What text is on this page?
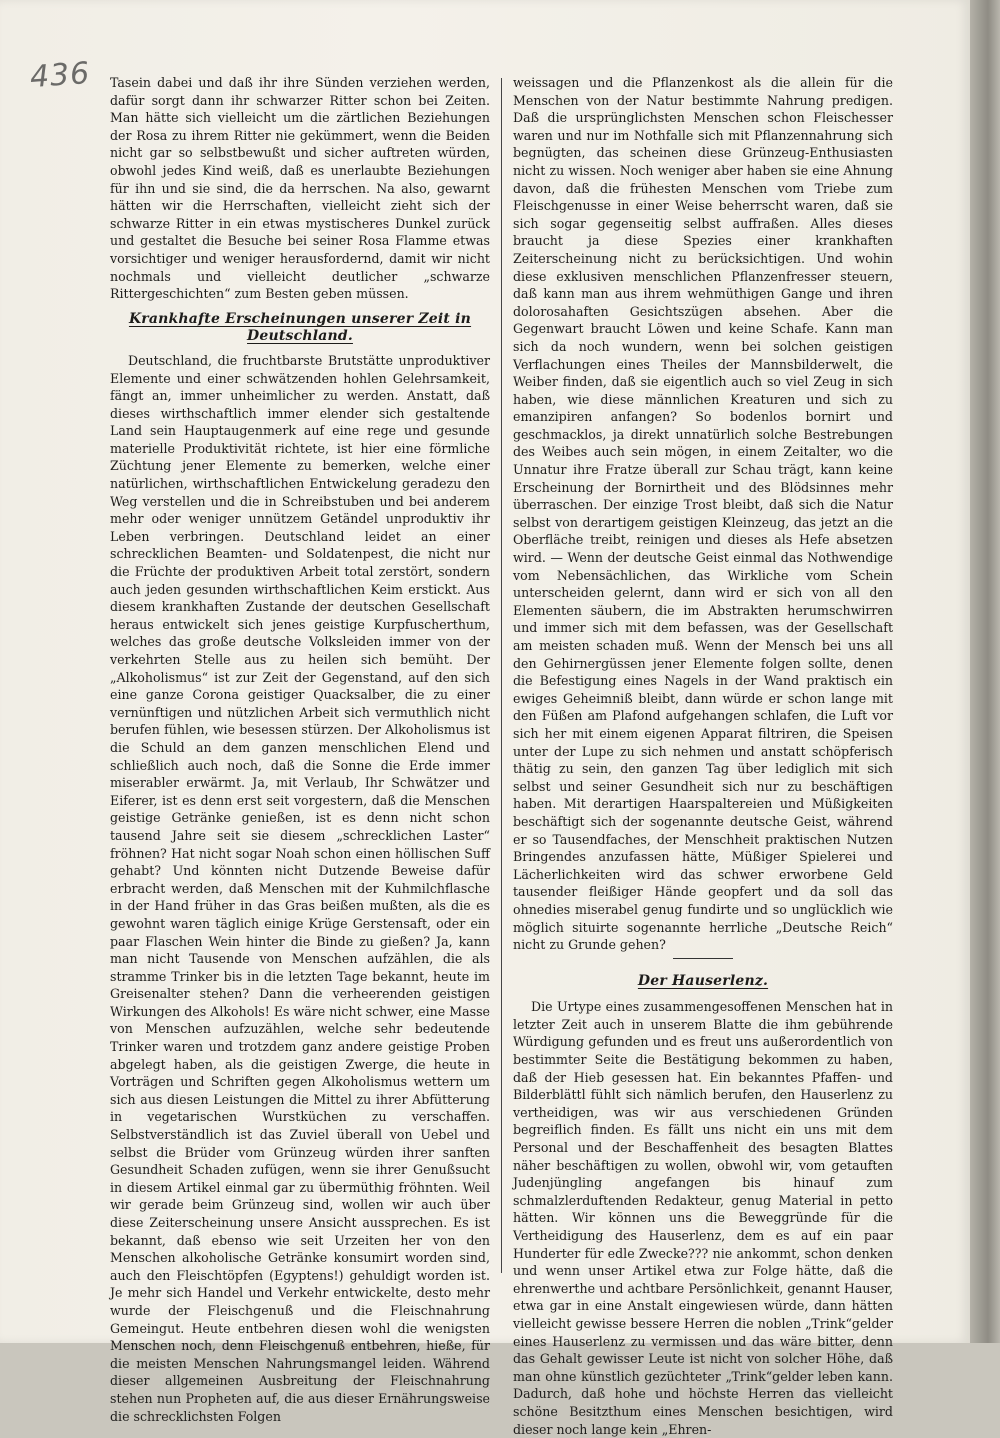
436 Tasein dabei und daß ihr ihre Sünden verziehen werden, dafür sorgt dann ihr schwarzer Ritter schon bei Zeiten. Man hätte sich vielleicht um die zärtlichen Beziehungen der Rosa zu ihrem Ritter nie gekümmert, wenn die Beiden nicht gar so selbstbewußt und sicher auftreten würden, obwohl jedes Kind weiß, daß es unerlaubte Beziehungen für ihn und sie sind, die da herrschen. Na also, gewarnt hätten wir die Herrschaften, vielleicht zieht sich der schwarze Ritter in ein etwas mystischeres Dunkel zurück und gestaltet die Besuche bei seiner Rosa Flamme etwas vorsichtiger und weniger herausfordernd, damit wir nicht nochmals und vielleicht deutlicher „schwarze Rittergeschichten“ zum Besten geben müssen.

Krankhafte Erscheinungen unserer Zeit in Deutschland.

Deutschland, die fruchtbarste Brutstätte unproduktiver Elemente und einer schwätzenden hohlen Gelehrsamkeit, fängt an, immer unheimlicher zu werden. Anstatt, daß dieses wirthschaftlich immer elender sich gestaltende Land sein Hauptaugenmerk auf eine rege und gesunde materielle Produktivität richtete, ist hier eine förmliche Züchtung jener Elemente zu bemerken, welche einer natürlichen, wirthschaftlichen Entwickelung geradezu den Weg verstellen und die in Schreibstuben und bei anderem mehr oder weniger unnützem Getändel unproduktiv ihr Leben verbringen. Deutschland leidet an einer schrecklichen Beamten- und Soldatenpest, die nicht nur die Früchte der produktiven Arbeit total zerstört, sondern auch jeden gesunden wirthschaftlichen Keim erstickt. Aus diesem krankhaften Zustande der deutschen Gesellschaft heraus entwickelt sich jenes geistige Kurpfuscherthum, welches das große deutsche Volksleiden immer von der verkehrten Stelle aus zu heilen sich bemüht. Der „Alkoholismus“ ist zur Zeit der Gegenstand, auf den sich eine ganze Corona geistiger Quacksalber, die zu einer vernünftigen und nützlichen Arbeit sich vermuthlich nicht berufen fühlen, wie besessen stürzen. Der Alkoholismus ist die Schuld an dem ganzen menschlichen Elend und schließlich auch noch, daß die Sonne die Erde immer miserabler erwärmt. Ja, mit Verlaub, Ihr Schwätzer und Eiferer, ist es denn erst seit vorgestern, daß die Menschen geistige Getränke genießen, ist es denn nicht schon tausend Jahre seit sie diesem „schrecklichen Laster“ fröhnen? Hat nicht sogar Noah schon einen höllischen Suff gehabt? Und könnten nicht Dutzende Beweise dafür erbracht werden, daß Menschen mit der Kuhmilchflasche in der Hand früher in das Gras beißen mußten, als die es gewohnt waren täglich einige Krüge Gerstensaft, oder ein paar Flaschen Wein hinter die Binde zu gießen? Ja, kann man nicht Tausende von Menschen aufzählen, die als stramme Trinker bis in die letzten Tage bekannt, heute im Greisenalter stehen? Dann die verheerenden geistigen Wirkungen des Alkohols! Es wäre nicht schwer, eine Masse von Menschen aufzuzählen, welche sehr bedeutende Trinker waren und trotzdem ganz andere geistige Proben abgelegt haben, als die geistigen Zwerge, die heute in Vorträgen und Schriften gegen Alkoholismus wettern um sich aus diesen Leistungen die Mittel zu ihrer Abfütterung in vegetarischen Wurstküchen zu verschaffen. Selbstverständlich ist das Zuviel überall von Uebel und selbst die Brüder vom Grünzeug würden ihrer sanften Gesundheit Schaden zufügen, wenn sie ihrer Genußsucht in diesem Artikel einmal gar zu übermüthig fröhnten. Weil wir gerade beim Grünzeug sind, wollen wir auch über diese Zeiterscheinung unsere Ansicht aussprechen. Es ist bekannt, daß ebenso wie seit Urzeiten her von den Menschen alkoholische Getränke konsumirt worden sind, auch den Fleischtöpfen (Egyptens!) gehuldigt worden ist. Je mehr sich Handel und Verkehr entwickelte, desto mehr wurde der Fleischgenuß und die Fleischnahrung Gemeingut. Heute entbehren diesen wohl die wenigsten Menschen noch, denn Fleischgenuß entbehren, hieße, für die meisten Menschen Nahrungsmangel leiden. Während dieser allgemeinen Ausbreitung der Fleischnahrung stehen nun Propheten auf, die aus dieser Ernährungsweise die schrecklichsten Folgen

weissagen und die Pflanzenkost als die allein für die Menschen von der Natur bestimmte Nahrung predigen. Daß die ursprünglichsten Menschen schon Fleischesser waren und nur im Nothfalle sich mit Pflanzennahrung sich begnügten, das scheinen diese Grünzeug-Enthusiasten nicht zu wissen. Noch weniger aber haben sie eine Ahnung davon, daß die frühesten Menschen vom Triebe zum Fleischgenusse in einer Weise beherrscht waren, daß sie sich sogar gegenseitig selbst auffraßen. Alles dieses braucht ja diese Spezies einer krankhaften Zeiterscheinung nicht zu berücksichtigen. Und wohin diese exklusiven menschlichen Pflanzenfresser steuern, daß kann man aus ihrem wehmüthigen Gange und ihren dolorosahaften Gesichtszügen absehen. Aber die Gegenwart braucht Löwen und keine Schafe. Kann man sich da noch wundern, wenn bei solchen geistigen Verflachungen eines Theiles der Mannsbilderwelt, die Weiber finden, daß sie eigentlich auch so viel Zeug in sich haben, wie diese männlichen Kreaturen und sich zu emanzipiren anfangen? So bodenlos bornirt und geschmacklos, ja direkt unnatürlich solche Bestrebungen des Weibes auch sein mögen, in einem Zeitalter, wo die Unnatur ihre Fratze überall zur Schau trägt, kann keine Erscheinung der Bornirtheit und des Blödsinnes mehr überraschen. Der einzige Trost bleibt, daß sich die Natur selbst von derartigem geistigen Kleinzeug, das jetzt an die Oberfläche treibt, reinigen und dieses als Hefe absetzen wird. — Wenn der deutsche Geist einmal das Nothwendige vom Nebensächlichen, das Wirkliche vom Schein unterscheiden gelernt, dann wird er sich von all den Elementen säubern, die im Abstrakten herumschwirren und immer sich mit dem befassen, was der Gesellschaft am meisten schaden muß. Wenn der Mensch bei uns all den Gehirnergüssen jener Elemente folgen sollte, denen die Befestigung eines Nagels in der Wand praktisch ein ewiges Geheimniß bleibt, dann würde er schon lange mit den Füßen am Plafond aufgehangen schlafen, die Luft vor sich her mit einem eigenen Apparat filtriren, die Speisen unter der Lupe zu sich nehmen und anstatt schöpferisch thätig zu sein, den ganzen Tag über lediglich mit sich selbst und seiner Gesundheit sich nur zu beschäftigen haben. Mit derartigen Haarspaltereien und Müßigkeiten beschäftigt sich der sogenannte deutsche Geist, während er so Tausendfaches, der Menschheit praktischen Nutzen Bringendes anzufassen hätte, Müßiger Spielerei und Lächerlichkeiten wird das schwer erworbene Geld tausender fleißiger Hände geopfert und da soll das ohnedies miserabel genug fundirte und so unglücklich wie möglich situirte sogenannte herrliche „Deutsche Reich“ nicht zu Grunde gehen?

Der Hauserlenz.

Die Urtype eines zusammengesoffenen Menschen hat in letzter Zeit auch in unserem Blatte die ihm gebührende Würdigung gefunden und es freut uns außerordentlich von bestimmter Seite die Bestätigung bekommen zu haben, daß der Hieb gesessen hat. Ein bekanntes Pfaffen- und Bilderblättl fühlt sich nämlich berufen, den Hauserlenz zu vertheidigen, was wir aus verschiedenen Gründen begreiflich finden. Es fällt uns nicht ein uns mit dem Personal und der Beschaffenheit des besagten Blattes näher beschäftigen zu wollen, obwohl wir, vom getauften Judenjüngling angefangen bis hinauf zum schmalzlerduftenden Redakteur, genug Material in petto hätten. Wir können uns die Beweggründe für die Vertheidigung des Hauserlenz, dem es auf ein paar Hunderter für edle Zwecke??? nie ankommt, schon denken und wenn unser Artikel etwa zur Folge hätte, daß die ehrenwerthe und achtbare Persönlichkeit, genannt Hauser, etwa gar in eine Anstalt eingewiesen würde, dann hätten vielleicht gewisse bessere Herren die noblen „Trink“gelder eines Hauserlenz zu vermissen und das wäre bitter, denn das Gehalt gewisser Leute ist nicht von solcher Höhe, daß man ohne künstlich gezüchteter „Trink“gelder leben kann. Dadurch, daß hohe und höchste Herren das vielleicht schöne Besitzthum eines Menschen besichtigen, wird dieser noch lange kein „Ehren-
